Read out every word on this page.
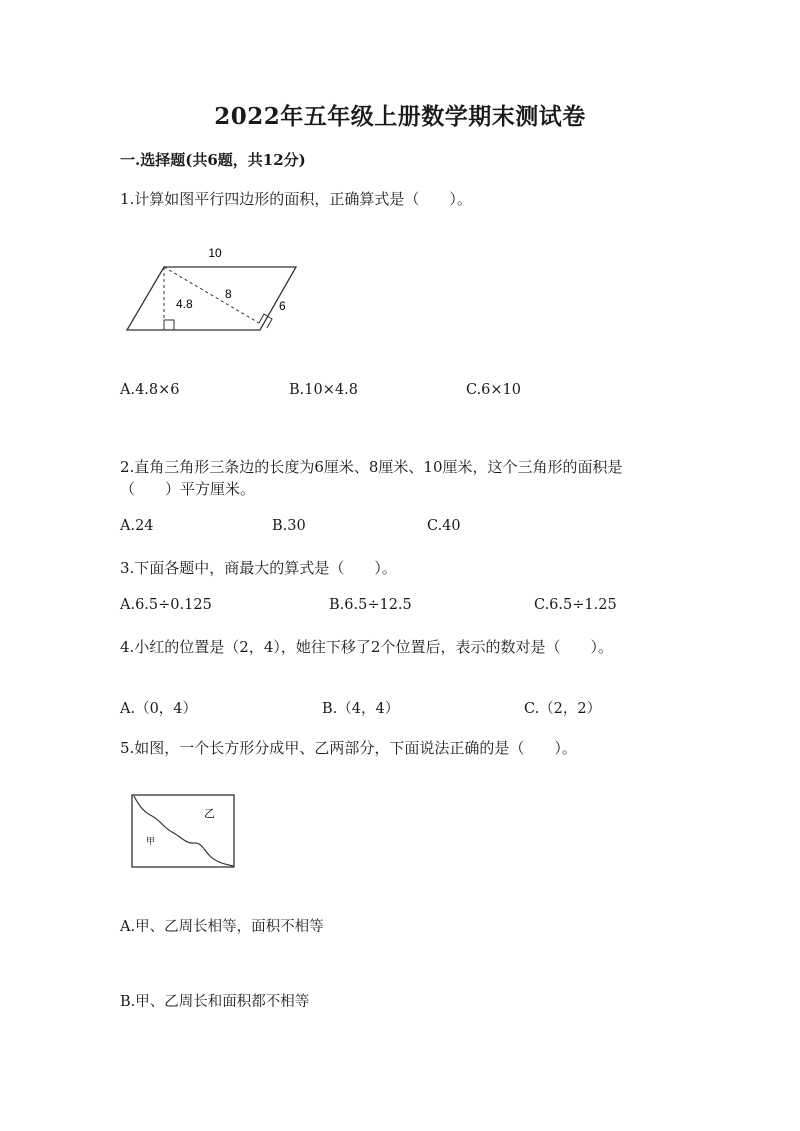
2022年五年级上册数学期末测试卷
一.选择题(共6题，共12分)
1.计算如图平行四边形的面积，正确算式是（　　）。
10
4.8
8
6
A.4.8×6	B.10×4.8	C.6×10
2.直角三角形三条边的长度为6厘米、8厘米、10厘米，这个三角形的面积是
（　　）平方厘米。
A.24	B.30	C.40
3.下面各题中，商最大的算式是（　　）。
A.6.5÷0.125	B.6.5÷12.5	C.6.5÷1.25
4.小红的位置是（2，4），她往下移了2个位置后，表示的数对是（　　）。
A.（0，4）	B.（4，4）	C.（2，2）
5.如图，一个长方形分成甲、乙两部分，下面说法正确的是（　　）。
甲
乙
A.甲、乙周长相等，面积不相等
B.甲、乙周长和面积都不相等
